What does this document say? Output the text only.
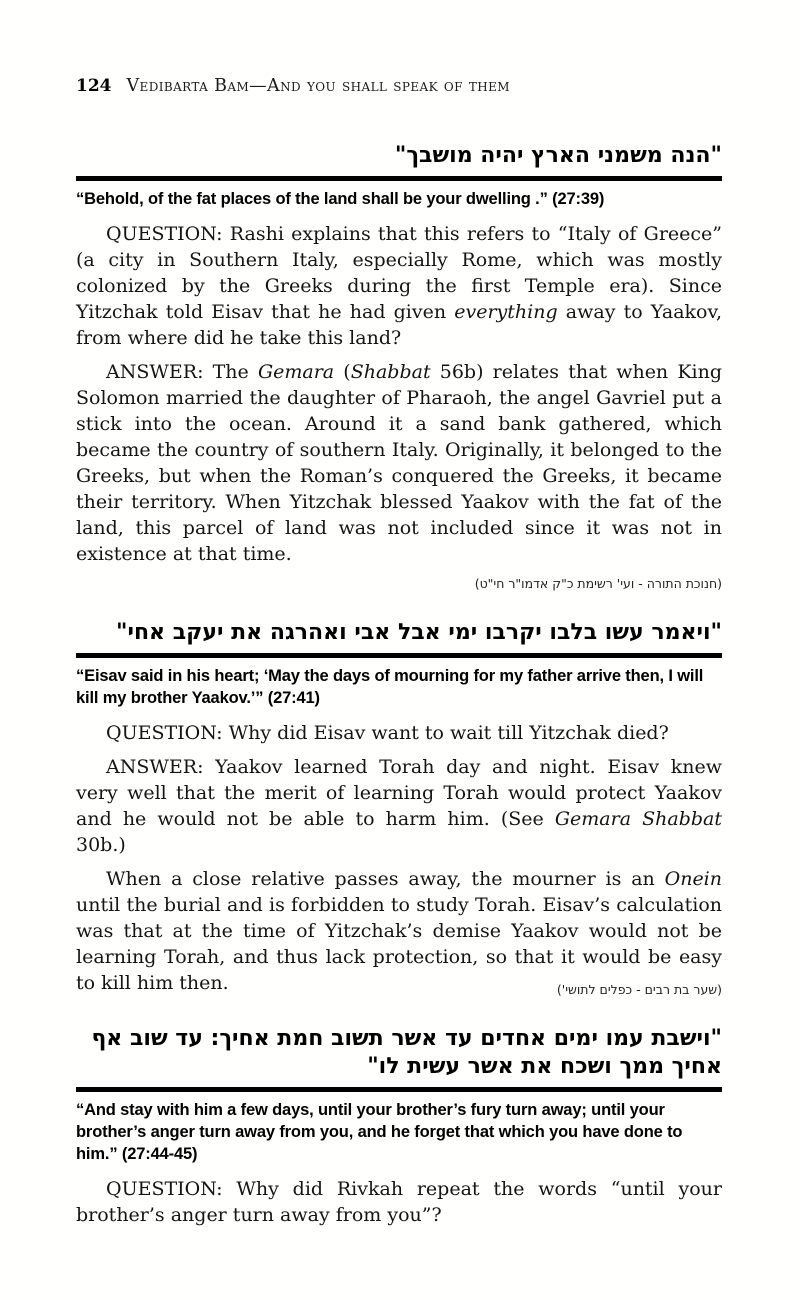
124 Vedibarta Bam—And you shall speak of them
"הנה משמני הארץ יהיה מושבך"

“Behold, of the fat places of the land shall be your dwelling .” (27:39)

QUESTION: Rashi explains that this refers to “Italy of Greece” (a city in Southern Italy, especially Rome, which was mostly colonized by the Greeks during the first Temple era). Since Yitzchak told Eisav that he had given everything away to Yaakov, from where did he take this land?

ANSWER: The Gemara (Shabbat 56b) relates that when King Solomon married the daughter of Pharaoh, the angel Gavriel put a stick into the ocean. Around it a sand bank gathered, which became the country of southern Italy. Originally, it belonged to the Greeks, but when the Roman’s conquered the Greeks, it became their territory. When Yitzchak blessed Yaakov with the fat of the land, this parcel of land was not included since it was not in existence at that time.

(חנוכת התורה - ועי' רשימת כ"ק אדמו"ר חי"ט)

"ויאמר עשו בלבו יקרבו ימי אבל אבי ואהרגה את יעקב אחי"

“Eisav said in his heart; ‘May the days of mourning for my father arrive then, I will kill my brother Yaakov.’” (27:41)

QUESTION: Why did Eisav want to wait till Yitzchak died?

ANSWER: Yaakov learned Torah day and night. Eisav knew very well that the merit of learning Torah would protect Yaakov and he would not be able to harm him. (See Gemara Shabbat 30b.)

When a close relative passes away, the mourner is an Onein until the burial and is forbidden to study Torah. Eisav’s calculation was that at the time of Yitzchak’s demise Yaakov would not be learning Torah, and thus lack protection, so that it would be easy to kill him then.	(שער בת רבים - כפלים לתושי')

"וישבת עמו ימים אחדים עד אשר תשוב חמת אחיך: עד שוב אף אחיך ממך ושכח את אשר עשית לו"

“And stay with him a few days, until your brother’s fury turn away; until your brother’s anger turn away from you, and he forget that which you have done to him.” (27:44-45)

QUESTION: Why did Rivkah repeat the words “until your brother’s anger turn away from you”?
